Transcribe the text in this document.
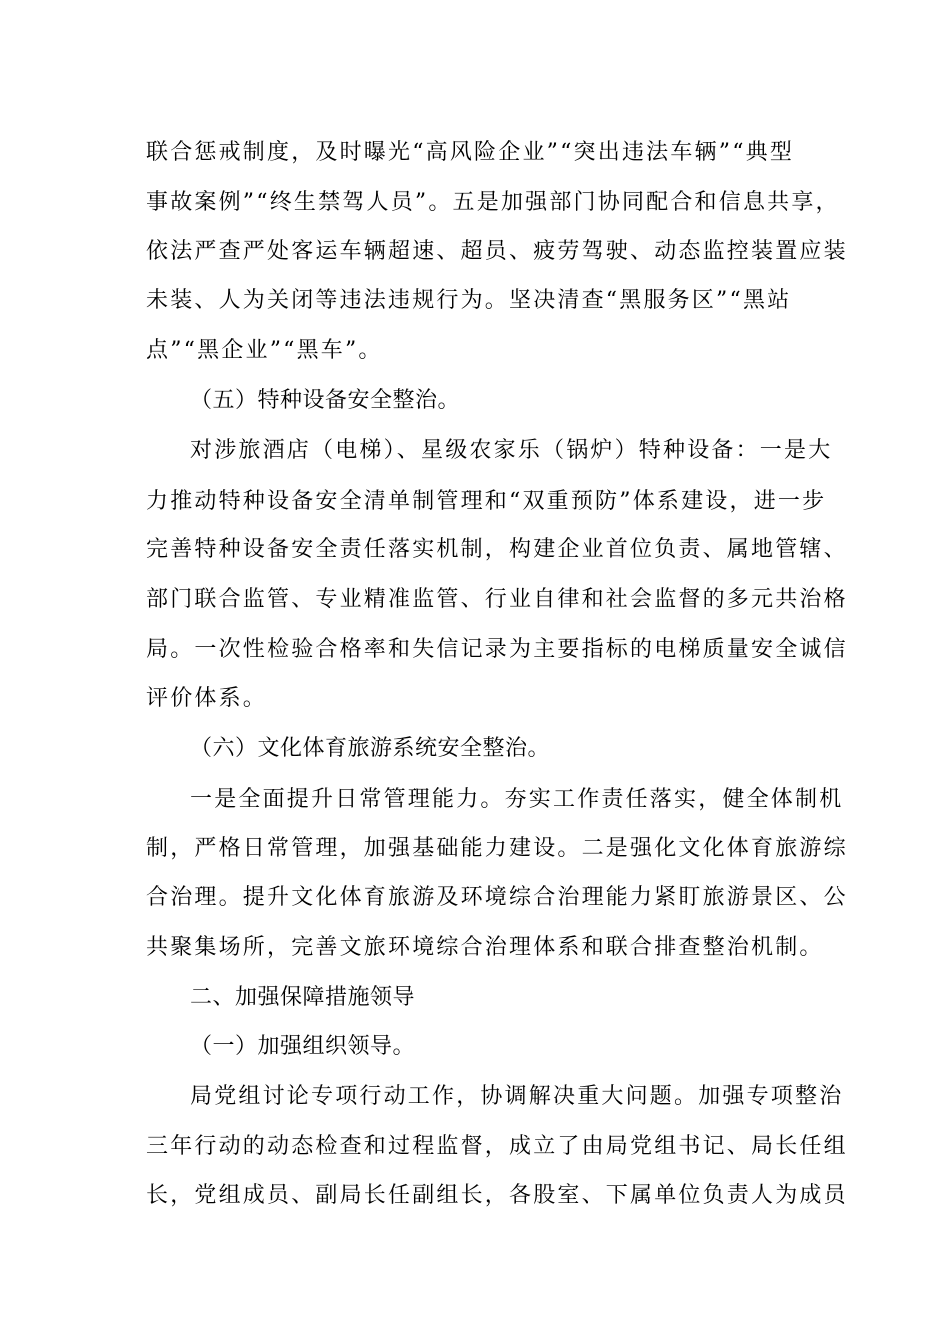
联合惩戒制度，及时曝光“高风险企业”“突出违法车辆”“典型
事故案例”“终生禁驾人员”。五是加强部门协同配合和信息共享，
依法严查严处客运车辆超速、超员、疲劳驾驶、动态监控装置应装
未装、人为关闭等违法违规行为。坚决清查“黑服务区”“黑站
点”“黑企业”“黑车”。
（五）特种设备安全整治。
对涉旅酒店（电梯）、星级农家乐（锅炉）特种设备：一是大
力推动特种设备安全清单制管理和“双重预防”体系建设，进一步
完善特种设备安全责任落实机制，构建企业首位负责、属地管辖、
部门联合监管、专业精准监管、行业自律和社会监督的多元共治格
局。一次性检验合格率和失信记录为主要指标的电梯质量安全诚信
评价体系。
（六）文化体育旅游系统安全整治。
一是全面提升日常管理能力。夯实工作责任落实，健全体制机
制，严格日常管理，加强基础能力建设。二是强化文化体育旅游综
合治理。提升文化体育旅游及环境综合治理能力紧盯旅游景区、公
共聚集场所，完善文旅环境综合治理体系和联合排查整治机制。
二、加强保障措施领导
（一）加强组织领导。
局党组讨论专项行动工作，协调解决重大问题。加强专项整治
三年行动的动态检查和过程监督，成立了由局党组书记、局长任组
长，党组成员、副局长任副组长，各股室、下属单位负责人为成员
